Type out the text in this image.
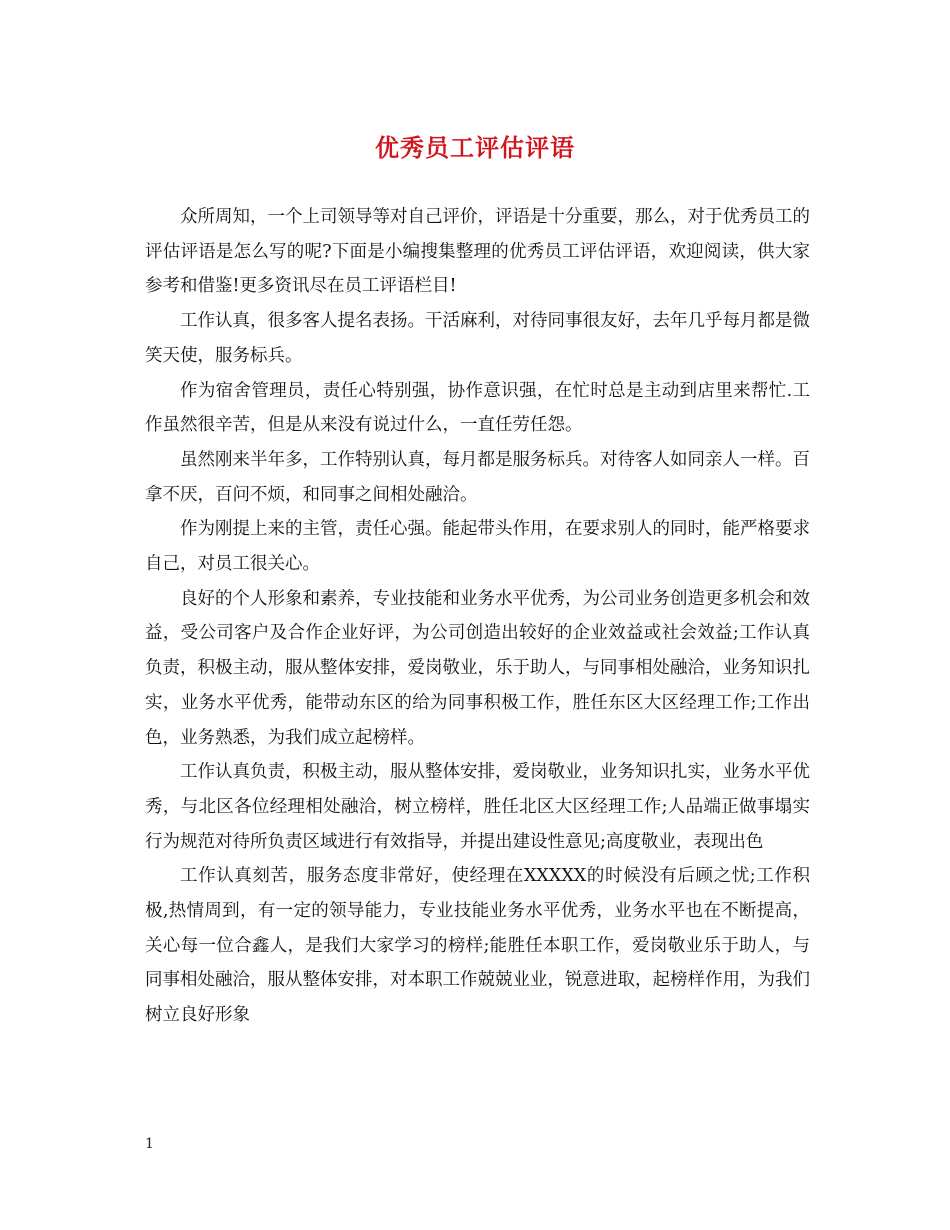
优秀员工评估评语

众所周知，一个上司领导等对自己评价，评语是十分重要，那么，对于优秀员工的评估评语是怎么写的呢?下面是小编搜集整理的优秀员工评估评语，欢迎阅读，供大家参考和借鉴!更多资讯尽在员工评语栏目!

工作认真，很多客人提名表扬。干活麻利，对待同事很友好，去年几乎每月都是微笑天使，服务标兵。

作为宿舍管理员，责任心特别强，协作意识强，在忙时总是主动到店里来帮忙.工作虽然很辛苦，但是从来没有说过什么，一直任劳任怨。

虽然刚来半年多，工作特别认真，每月都是服务标兵。对待客人如同亲人一样。百拿不厌，百问不烦，和同事之间相处融洽。

作为刚提上来的主管，责任心强。能起带头作用，在要求别人的同时，能严格要求自己，对员工很关心。

良好的个人形象和素养，专业技能和业务水平优秀，为公司业务创造更多机会和效益，受公司客户及合作企业好评，为公司创造出较好的企业效益或社会效益;工作认真负责，积极主动，服从整体安排，爱岗敬业，乐于助人，与同事相处融洽，业务知识扎实，业务水平优秀，能带动东区的给为同事积极工作，胜任东区大区经理工作;工作出色，业务熟悉，为我们成立起榜样。

工作认真负责，积极主动，服从整体安排，爱岗敬业，业务知识扎实，业务水平优秀，与北区各位经理相处融洽，树立榜样，胜任北区大区经理工作;人品端正做事塌实行为规范对待所负责区域进行有效指导，并提出建设性意见;高度敬业，表现出色

工作认真刻苦，服务态度非常好，使经理在XXXXX的时候没有后顾之忧;工作积极,热情周到，有一定的领导能力，专业技能业务水平优秀，业务水平也在不断提高，关心每一位合鑫人，是我们大家学习的榜样;能胜任本职工作，爱岗敬业乐于助人，与同事相处融洽，服从整体安排，对本职工作兢兢业业，锐意进取，起榜样作用，为我们树立良好形象

1
